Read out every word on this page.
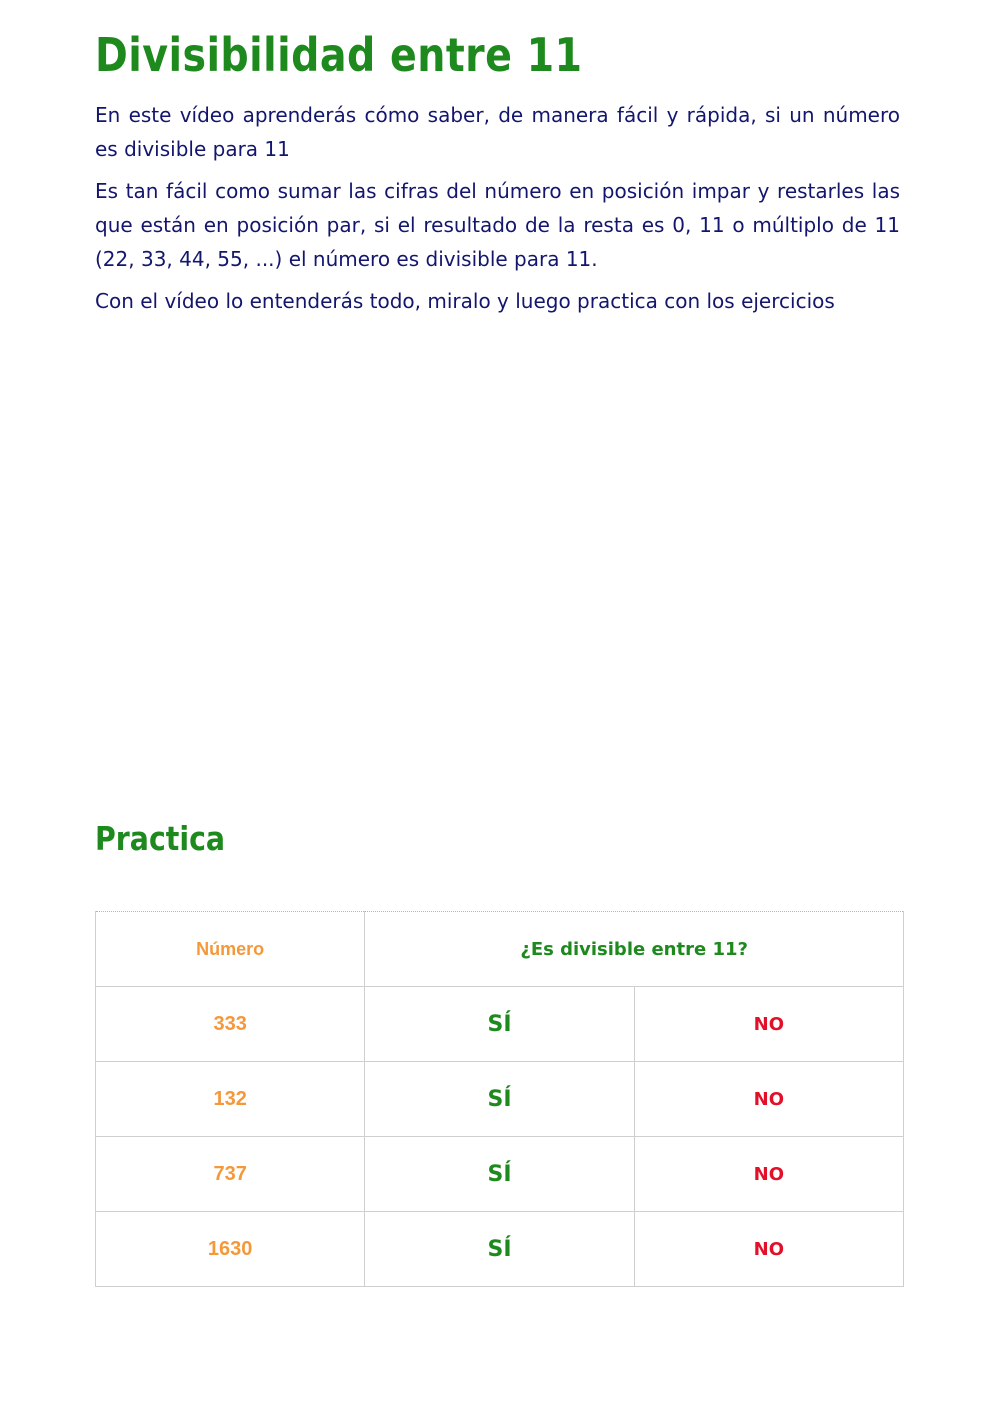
Divisibilidad entre 11

En este vídeo aprenderás cómo saber, de manera fácil y rápida, si un número es divisible para 11

Es tan fácil como sumar las cifras del número en posición impar y restarles las que están en posición par, si el resultado de la resta es 0, 11 o múltiplo de 11 (22, 33, 44, 55, ...) el número es divisible para 11.

Con el vídeo lo entenderás todo, miralo y luego practica con los ejercicios

Practica
Número	¿Es divisible entre 11?	
333	SÍ	NO
132	SÍ	NO
737	SÍ	NO
1630	SÍ	NO
